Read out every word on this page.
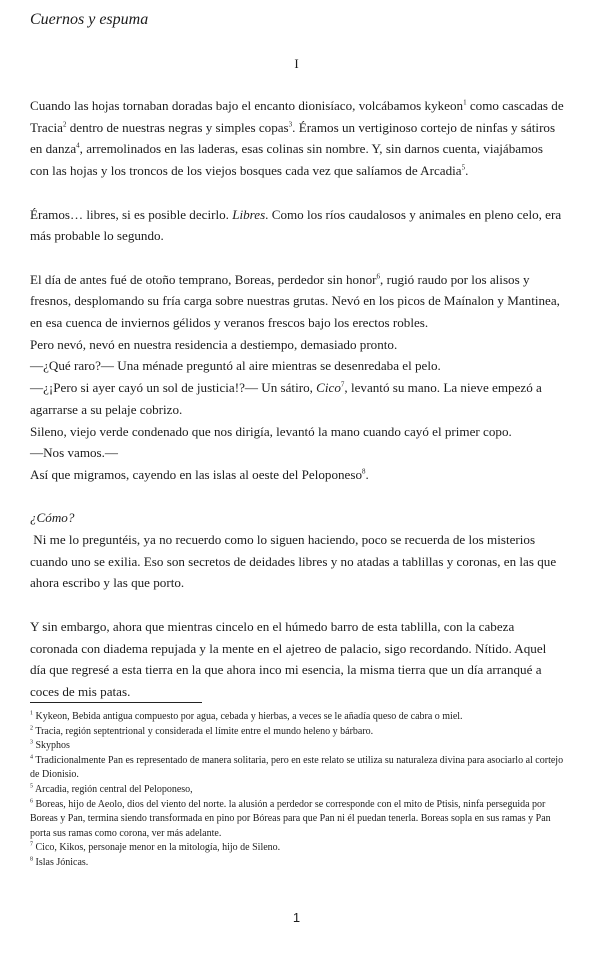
Cuernos y espuma
I

Cuando las hojas tornaban doradas bajo el encanto dionisíaco, volcábamos kykeon$^1$ como cascadas de Tracia$^2$ dentro de nuestras negras y simples copas$^3$. Éramos un vertiginoso cortejo de ninfas y sátiros en danza$^4$, arremolinados en las laderas, esas colinas sin nombre. Y, sin darnos cuenta, viajábamos con las hojas y los troncos de los viejos bosques cada vez que salíamos de Arcadia$^5$.

Éramos… libres, si es posible decirlo. Libres. Como los ríos caudalosos y animales en pleno celo, era más probable lo segundo.

El día de antes fué de otoño temprano, Boreas, perdedor sin honor$^6$, rugió raudo por los alisos y fresnos, desplomando su fría carga sobre nuestras grutas. Nevó en los picos de Maínalon y Mantinea, en esa cuenca de inviernos gélidos y veranos frescos bajo los erectos robles.

Pero nevó, nevó en nuestra residencia a destiempo, demasiado pronto.

—¿Qué raro?— Una ménade preguntó al aire mientras se desenredaba el pelo.

—¿¡Pero si ayer cayó un sol de justicia!?— Un sátiro, Cico$^7$, levantó su mano. La nieve empezó a agarrarse a su pelaje cobrizo.

Sileno, viejo verde condenado que nos dirigía, levantó la mano cuando cayó el primer copo.

—Nos vamos.—

Así que migramos, cayendo en las islas al oeste del Peloponeso$^8$.

¿Cómo?

Ni me lo preguntéis, ya no recuerdo como lo siguen haciendo, poco se recuerda de los misterios cuando uno se exilia. Eso son secretos de deidades libres y no atadas a tablillas y coronas, en las que ahora escribo y las que porto.

Y sin embargo, ahora que mientras cincelo en el húmedo barro de esta tablilla, con la cabeza coronada con diadema repujada y la mente en el ajetreo de palacio, sigo recordando. Nítido. Aquel día que regresé a esta tierra en la que ahora inco mi esencia, la misma tierra que un día arranqué a coces de mis patas.

$^1$ Kykeon, Bebida antigua compuesto por agua, cebada y hierbas, a veces se le añadía queso de cabra o miel.

$^2$ Tracia, región septentrional y considerada el límite entre el mundo heleno y bárbaro.

$^3$ Skyphos

$^4$ Tradicionalmente Pan es representado de manera solitaria, pero en este relato se utiliza su naturaleza divina para asociarlo al cortejo de Dionisio.

$^5$ Arcadia, región central del Peloponeso,

$^6$ Boreas, hijo de Aeolo, dios del viento del norte. la alusión a perdedor se corresponde con el mito de Ptisis, ninfa perseguida por Boreas y Pan, termina siendo transformada en pino por Bóreas para que Pan ni él puedan tenerla. Boreas sopla en sus ramas y Pan porta sus ramas como corona, ver más adelante.

$^7$ Cico, Kikos, personaje menor en la mitología, hijo de Sileno.

$^8$ Islas Jónicas.

1
